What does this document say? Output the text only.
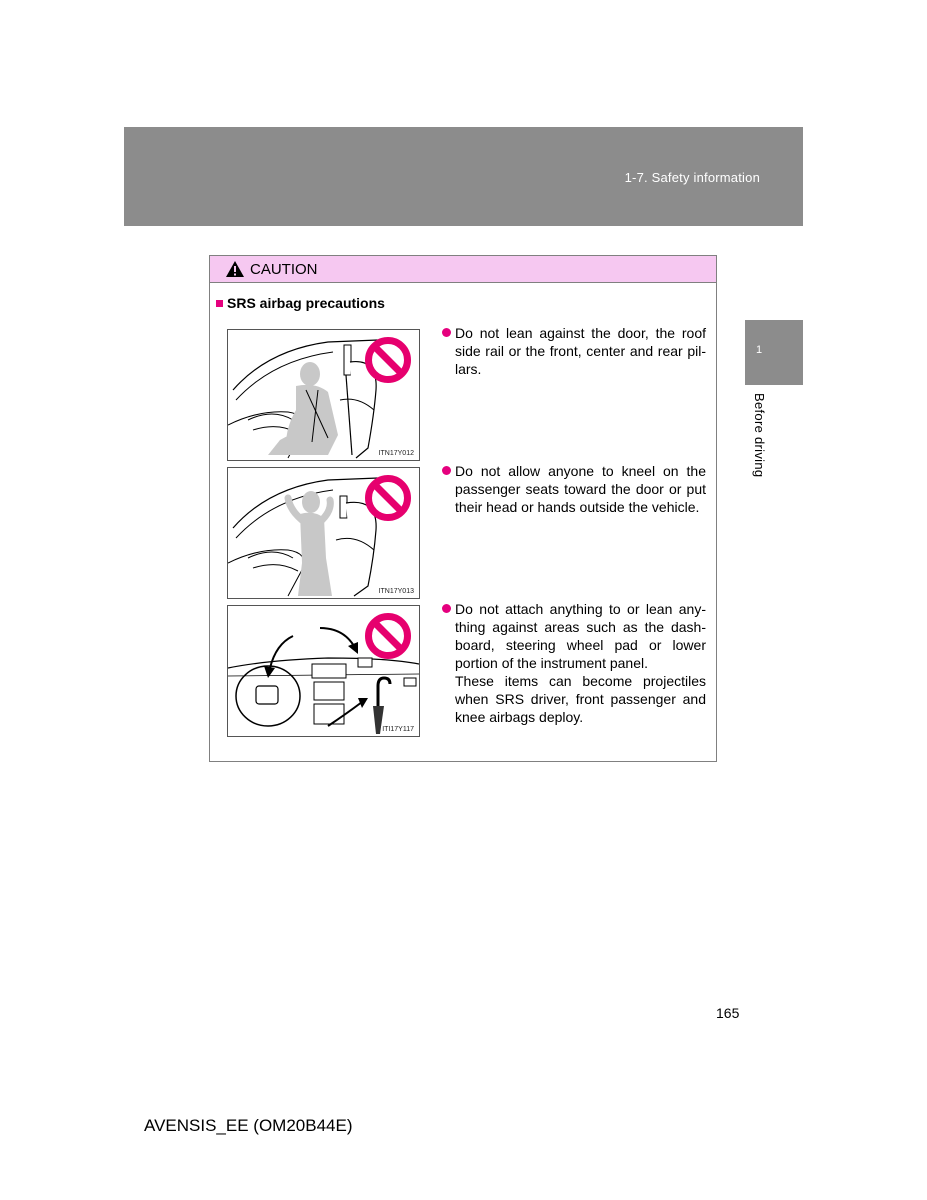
1-7. Safety information
1
Before driving
CAUTION
SRS airbag precautions
ITN17Y012
ITN17Y013
ITI17Y117
Do not lean against the door, the roof side rail or the front, center and rear pil-lars.
Do not allow anyone to kneel on the passenger seats toward the door or put their head or hands outside the vehicle.
Do not attach anything to or lean any-thing against areas such as the dash-board, steering wheel pad or lower portion of the instrument panel.
These items can become projectiles when SRS driver, front passenger and knee airbags deploy.
165
AVENSIS_EE (OM20B44E)
